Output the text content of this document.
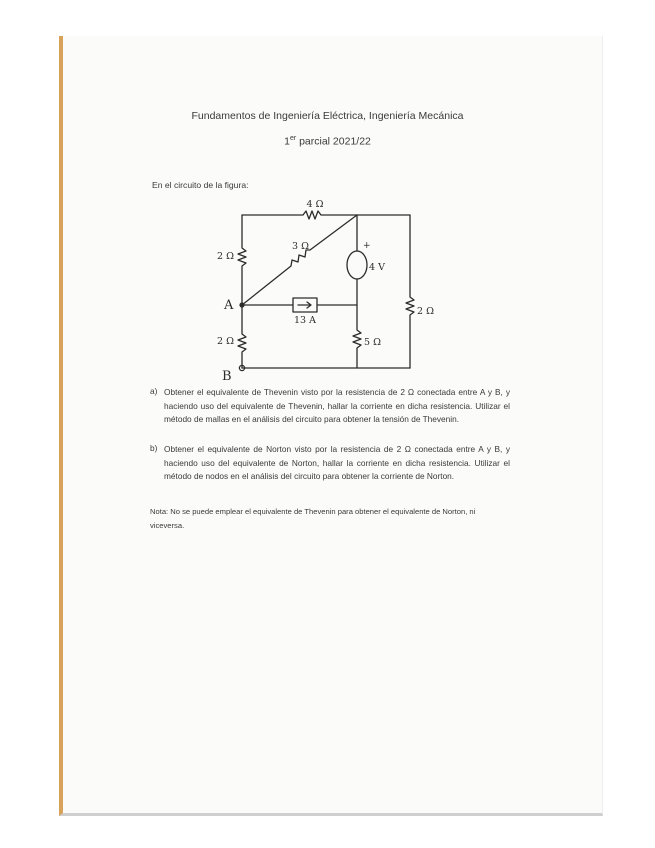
Fundamentos de Ingeniería Eléctrica, Ingeniería Mecánica
1er parcial 2021/22
En el circuito de la figura:
4 Ω
2 Ω
3 Ω	+
4 V
2 Ω
A
13 A
2 Ω	5 Ω
B
a) Obtener el equivalente de Thevenin visto por la resistencia de 2 Ω conectada entre A y B, y haciendo uso del equivalente de Thevenin, hallar la corriente en dicha resistencia. Utilizar el método de mallas en el análisis del circuito para obtener la tensión de Thevenin.
b) Obtener el equivalente de Norton visto por la resistencia de 2 Ω conectada entre A y B, y haciendo uso del equivalente de Norton, hallar la corriente en dicha resistencia. Utilizar el método de nodos en el análisis del circuito para obtener la corriente de Norton.
Nota: No se puede emplear el equivalente de Thevenin para obtener el equivalente de Norton, ni viceversa.
